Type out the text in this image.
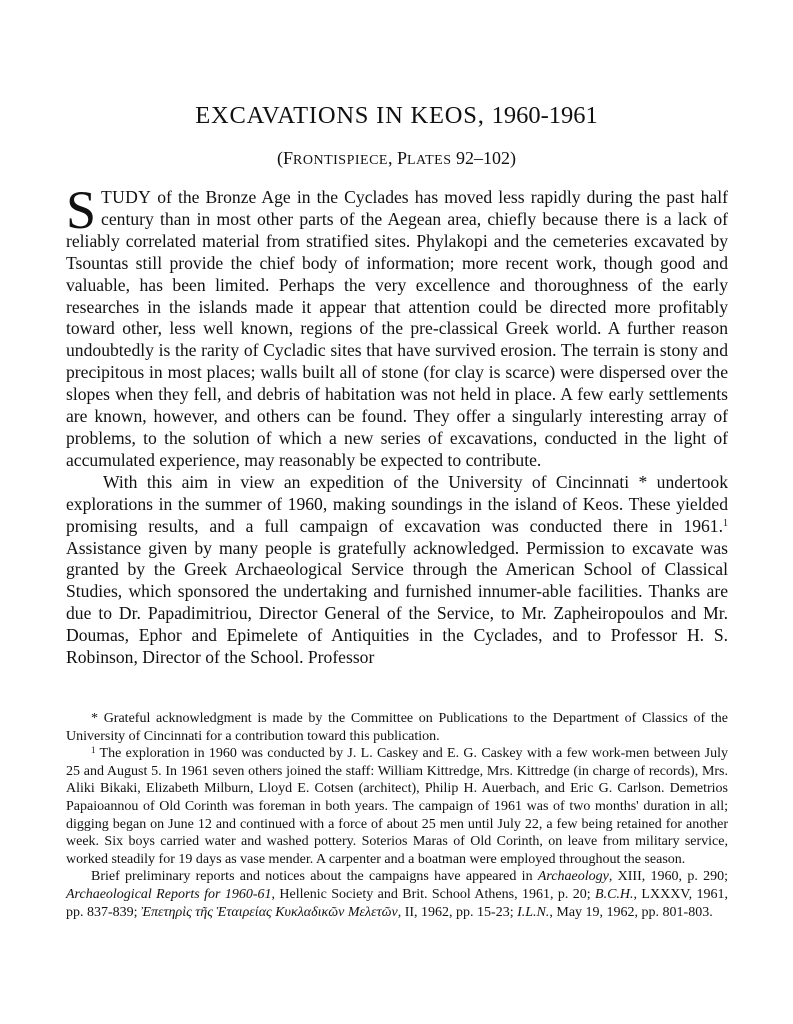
EXCAVATIONS IN KEOS, 1960-1961
(FRONTISPIECE, PLATES 92–102)

STUDY of the Bronze Age in the Cyclades has moved less rapidly during the past half century than in most other parts of the Aegean area, chiefly because there is a lack of reliably correlated material from stratified sites. Phylakopi and the cemeteries excavated by Tsountas still provide the chief body of information; more recent work, though good and valuable, has been limited. Perhaps the very excellence and thoroughness of the early researches in the islands made it appear that attention could be directed more profitably toward other, less well known, regions of the pre-classical Greek world. A further reason undoubtedly is the rarity of Cycladic sites that have survived erosion. The terrain is stony and precipitous in most places; walls built all of stone (for clay is scarce) were dispersed over the slopes when they fell, and debris of habitation was not held in place. A few early settlements are known, however, and others can be found. They offer a singularly interesting array of problems, to the solution of which a new series of excavations, conducted in the light of accumulated experience, may reasonably be expected to contribute.

With this aim in view an expedition of the University of Cincinnati * undertook explorations in the summer of 1960, making soundings in the island of Keos. These yielded promising results, and a full campaign of excavation was conducted there in 1961.$^1$ Assistance given by many people is gratefully acknowledged. Permission to excavate was granted by the Greek Archaeological Service through the American School of Classical Studies, which sponsored the undertaking and furnished innumer-able facilities. Thanks are due to Dr. Papadimitriou, Director General of the Service, to Mr. Zapheiropoulos and Mr. Doumas, Ephor and Epimelete of Antiquities in the Cyclades, and to Professor H. S. Robinson, Director of the School. Professor

* Grateful acknowledgment is made by the Committee on Publications to the Department of Classics of the University of Cincinnati for a contribution toward this publication.

$^1$ The exploration in 1960 was conducted by J. L. Caskey and E. G. Caskey with a few work-men between July 25 and August 5. In 1961 seven others joined the staff: William Kittredge, Mrs. Kittredge (in charge of records), Mrs. Aliki Bikaki, Elizabeth Milburn, Lloyd E. Cotsen (architect), Philip H. Auerbach, and Eric G. Carlson. Demetrios Papaioannou of Old Corinth was foreman in both years. The campaign of 1961 was of two months' duration in all; digging began on June 12 and continued with a force of about 25 men until July 22, a few being retained for another week. Six boys carried water and washed pottery. Soterios Maras of Old Corinth, on leave from military service, worked steadily for 19 days as vase mender. A carpenter and a boatman were employed throughout the season.

Brief preliminary reports and notices about the campaigns have appeared in Archaeology, XIII, 1960, p. 290; Archaeological Reports for 1960-61, Hellenic Society and Brit. School Athens, 1961, p. 20; B.C.H., LXXXV, 1961, pp. 837-839; Ἐπετηρὶς τῆς Ἑταιρείας Κυκλαδικῶν Μελετῶν, II, 1962, pp. 15-23; I.L.N., May 19, 1962, pp. 801-803.
